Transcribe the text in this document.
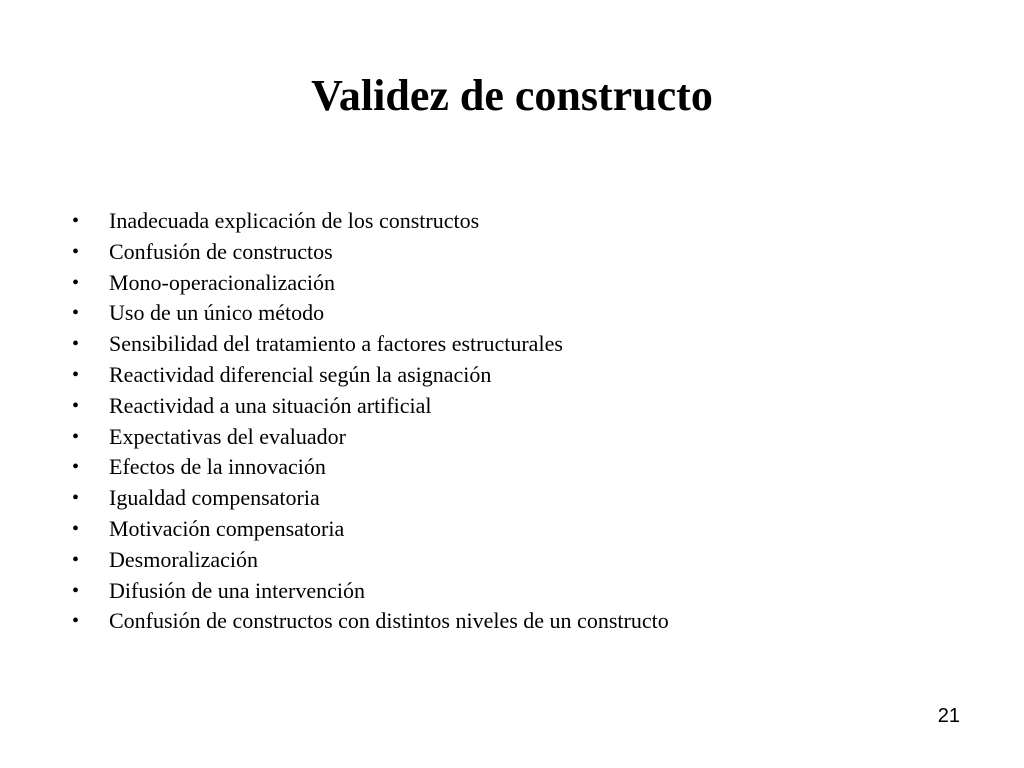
Validez de constructo
•	Inadecuada explicación de los constructos
•	Confusión de constructos
•	Mono-operacionalización
•	Uso de un único método
•	Sensibilidad del tratamiento a factores estructurales
•	Reactividad diferencial según la asignación
•	Reactividad a una situación artificial
•	Expectativas del evaluador
•	Efectos de la innovación
•	Igualdad compensatoria
•	Motivación compensatoria
•	Desmoralización
•	Difusión de una intervención
•	Confusión de constructos con distintos niveles de un constructo
21
